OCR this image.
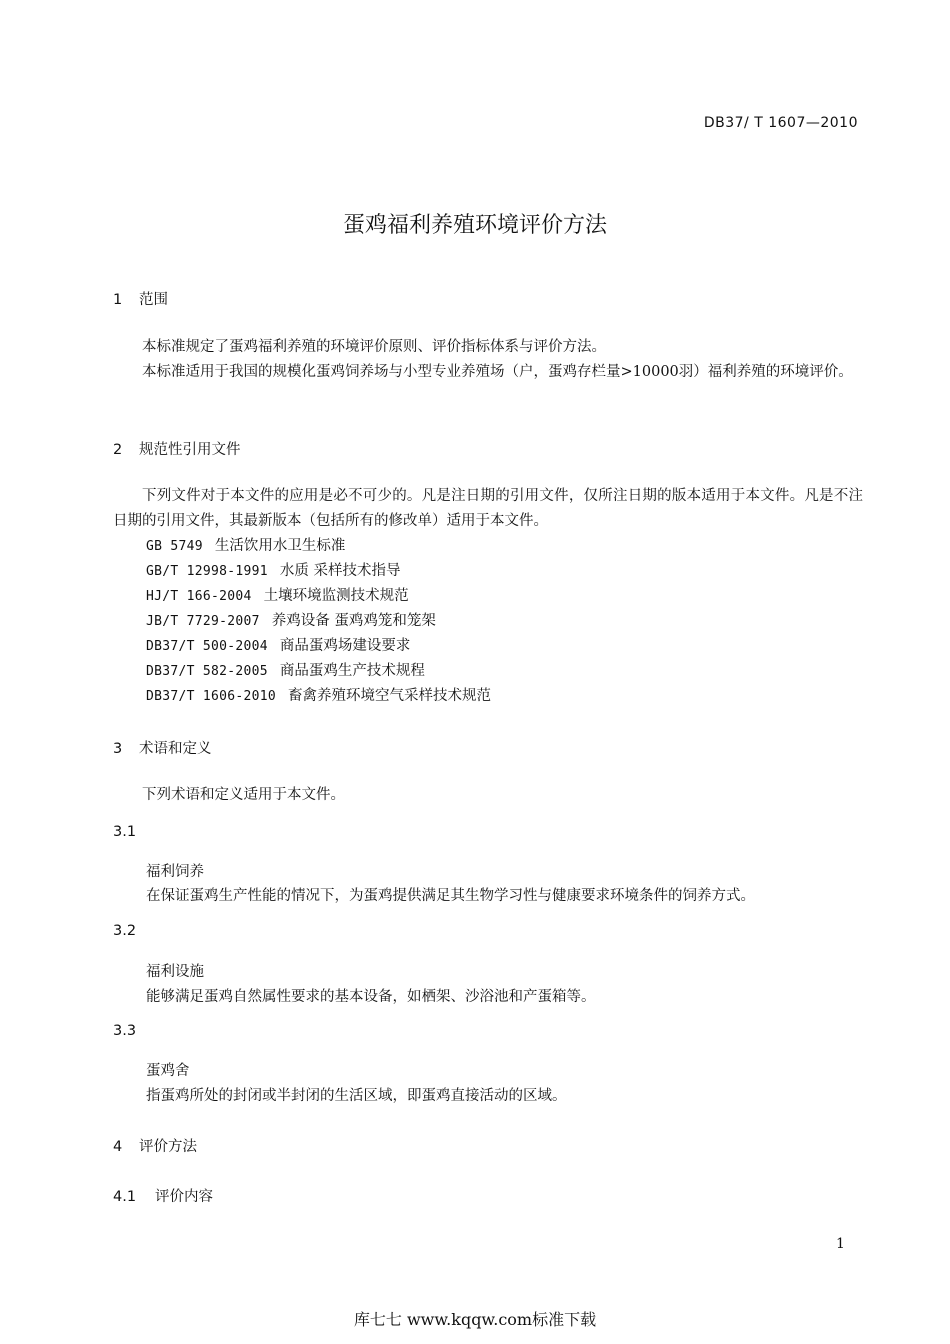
DB37/ T 1607—2010
蛋鸡福利养殖环境评价方法
1 范围

本标准规定了蛋鸡福利养殖的环境评价原则、评价指标体系与评价方法。

本标准适用于我国的规模化蛋鸡饲养场与小型专业养殖场（户，蛋鸡存栏量>10000羽）福利养殖的环境评价。

2 规范性引用文件

下列文件对于本文件的应用是必不可少的。凡是注日期的引用文件，仅所注日期的版本适用于本文件。凡是不注日期的引用文件，其最新版本（包括所有的修改单）适用于本文件。

GB 5749 生活饮用水卫生标准
GB/T 12998-1991 水质 采样技术指导
HJ/T 166-2004 土壤环境监测技术规范
JB/T 7729-2007 养鸡设备 蛋鸡鸡笼和笼架
DB37/T 500-2004 商品蛋鸡场建设要求
DB37/T 582-2005 商品蛋鸡生产技术规程
DB37/T 1606-2010 畜禽养殖环境空气采样技术规范
3 术语和定义

下列术语和定义适用于本文件。

3.1
福利饲养
在保证蛋鸡生产性能的情况下，为蛋鸡提供满足其生物学习性与健康要求环境条件的饲养方式。
3.2
福利设施
能够满足蛋鸡自然属性要求的基本设备，如栖架、沙浴池和产蛋箱等。
3.3
蛋鸡舍
指蛋鸡所处的封闭或半封闭的生活区域，即蛋鸡直接活动的区域。
4 评价方法
4.1 评价内容
1
库七七 www.kqqw.com标准下载
